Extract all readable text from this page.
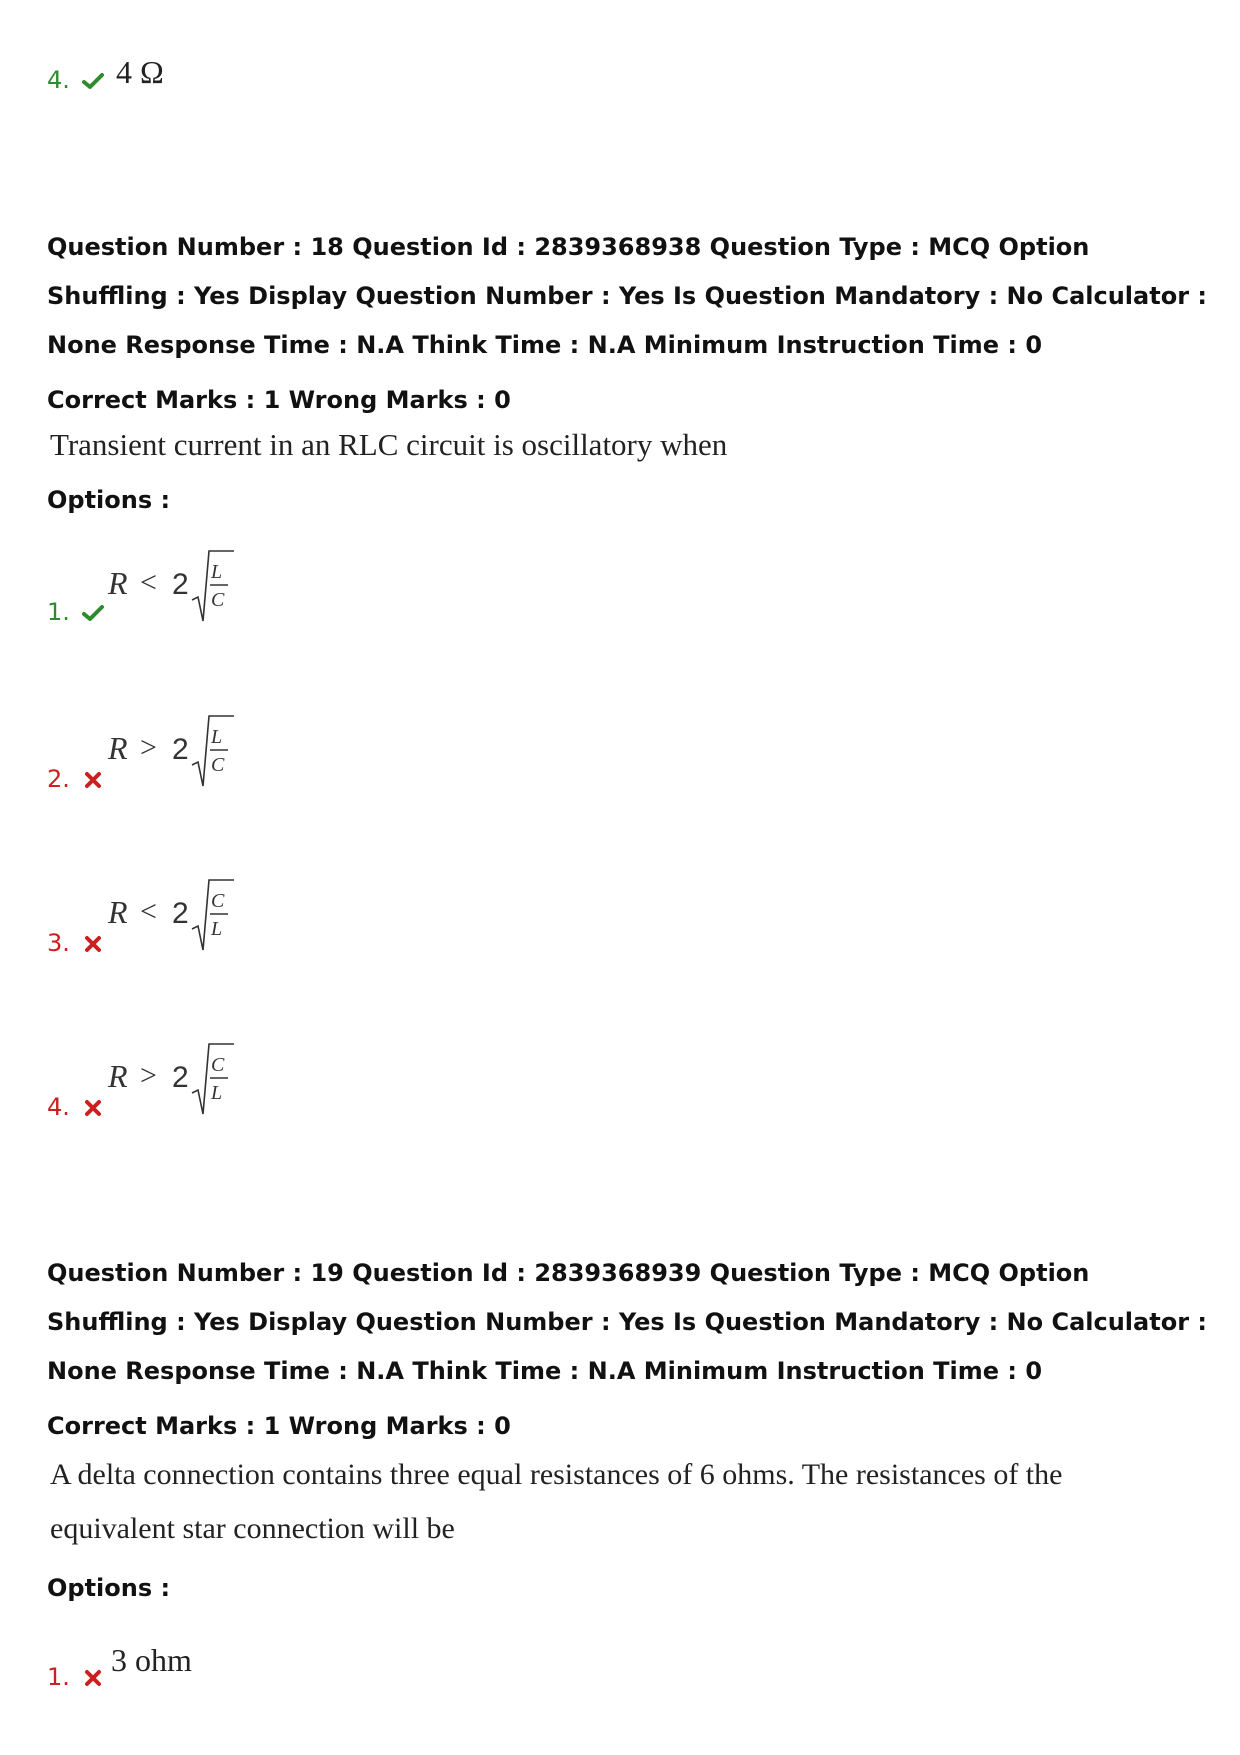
4.	4 Ω
Question Number : 18 Question Id : 2839368938 Question Type : MCQ Option Shuffling : Yes Display Question Number : Yes Is Question Mandatory : No Calculator : None Response Time : N.A Think Time : N.A Minimum Instruction Time : 0
Correct Marks : 1 Wrong Marks : 0
Transient current in an RLC circuit is oscillatory when
Options :
1.
R < 2 L
C
2.
R > 2 L
C
3.
R < 2 C
L
4.
R > 2 C
L
Question Number : 19 Question Id : 2839368939 Question Type : MCQ Option Shuffling : Yes Display Question Number : Yes Is Question Mandatory : No Calculator : None Response Time : N.A Think Time : N.A Minimum Instruction Time : 0
Correct Marks : 1 Wrong Marks : 0
A delta connection contains three equal resistances of 6 ohms. The resistances of the
equivalent star connection will be
Options :
1.	3 ohm
